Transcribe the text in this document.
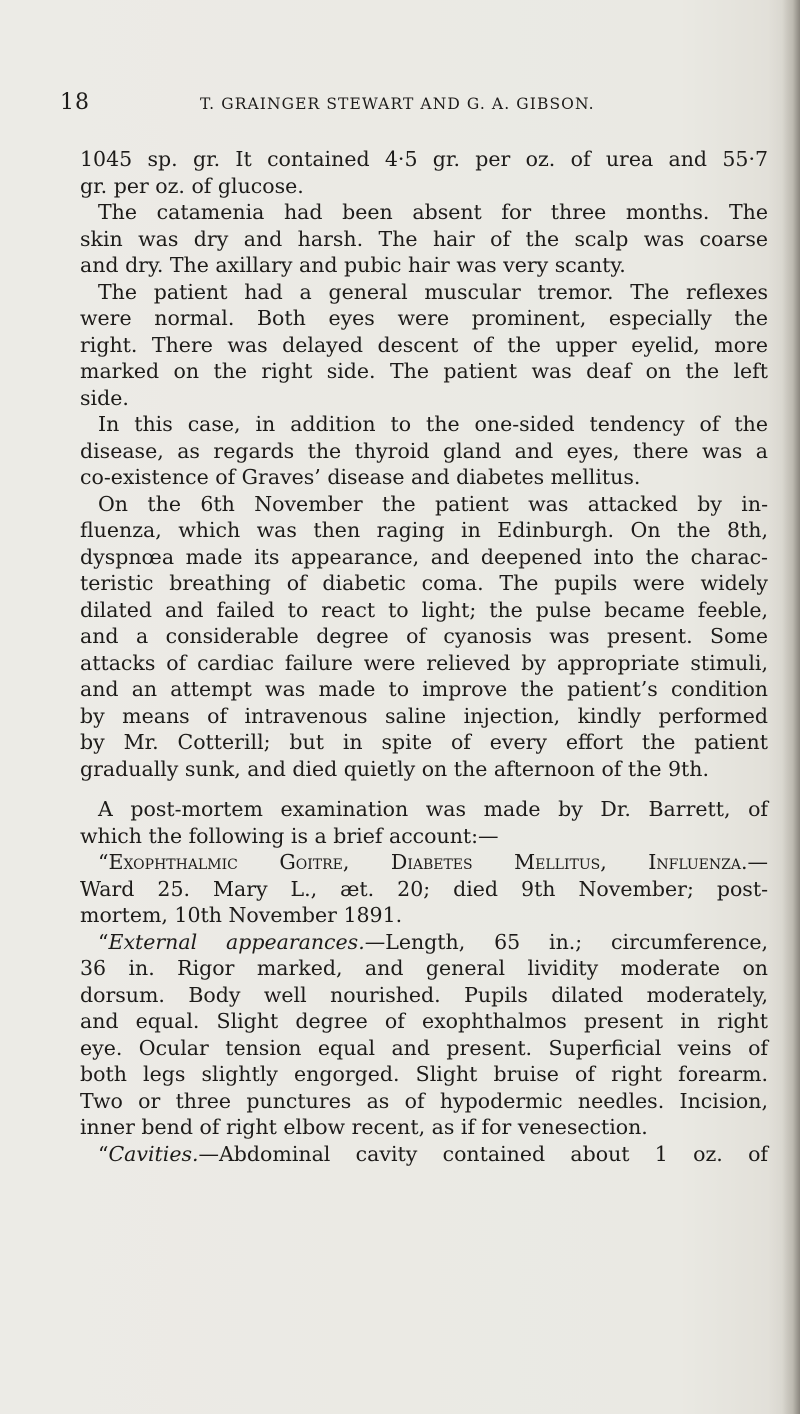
18	T. GRAINGER STEWART AND G. A. GIBSON.
1045 sp. gr. It contained 4·5 gr. per oz. of urea and 55·7
gr. per oz. of glucose.
The catamenia had been absent for three months. The
skin was dry and harsh. The hair of the scalp was coarse
and dry. The axillary and pubic hair was very scanty.
The patient had a general muscular tremor. The reflexes
were normal. Both eyes were prominent, especially the
right. There was delayed descent of the upper eyelid, more
marked on the right side. The patient was deaf on the left
side.
In this case, in addition to the one-sided tendency of the
disease, as regards the thyroid gland and eyes, there was a
co-existence of Graves’ disease and diabetes mellitus.
On the 6th November the patient was attacked by in-
fluenza, which was then raging in Edinburgh. On the 8th,
dyspnœa made its appearance, and deepened into the charac-
teristic breathing of diabetic coma. The pupils were widely
dilated and failed to react to light; the pulse became feeble,
and a considerable degree of cyanosis was present. Some
attacks of cardiac failure were relieved by appropriate stimuli,
and an attempt was made to improve the patient’s condition
by means of intravenous saline injection, kindly performed
by Mr. Cotterill; but in spite of every effort the patient
gradually sunk, and died quietly on the afternoon of the 9th.
A post-mortem examination was made by Dr. Barrett, of
which the following is a brief account:—
“Exophthalmic Goitre, Diabetes Mellitus, Influenza.—
Ward 25. Mary L., æt. 20; died 9th November; post-
mortem, 10th November 1891.
“External appearances.—Length, 65 in.; circumference,
36 in. Rigor marked, and general lividity moderate on
dorsum. Body well nourished. Pupils dilated moderately,
and equal. Slight degree of exophthalmos present in right
eye. Ocular tension equal and present. Superficial veins of
both legs slightly engorged. Slight bruise of right forearm.
Two or three punctures as of hypodermic needles. Incision,
inner bend of right elbow recent, as if for venesection.
“Cavities.—Abdominal cavity contained about 1 oz. of
